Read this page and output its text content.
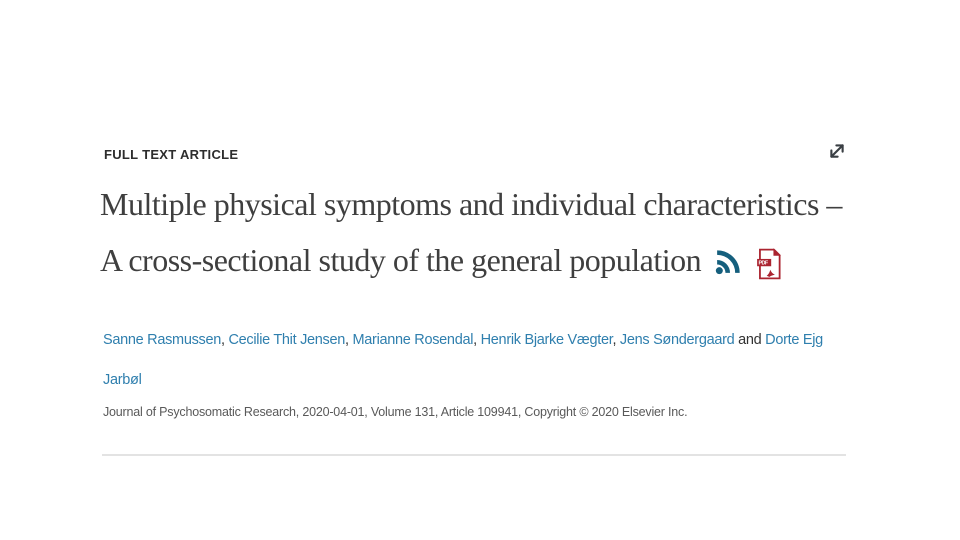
FULL TEXT ARTICLE
Multiple physical symptoms and individual characteristics –
A cross-sectional study of the general population	PDF

Sanne Rasmussen, Cecilie Thit Jensen, Marianne Rosendal, Henrik Bjarke Vægter, Jens Søndergaard and Dorte Ejg Jarbøl

Journal of Psychosomatic Research, 2020-04-01, Volume 131, Article 109941, Copyright © 2020 Elsevier Inc.
